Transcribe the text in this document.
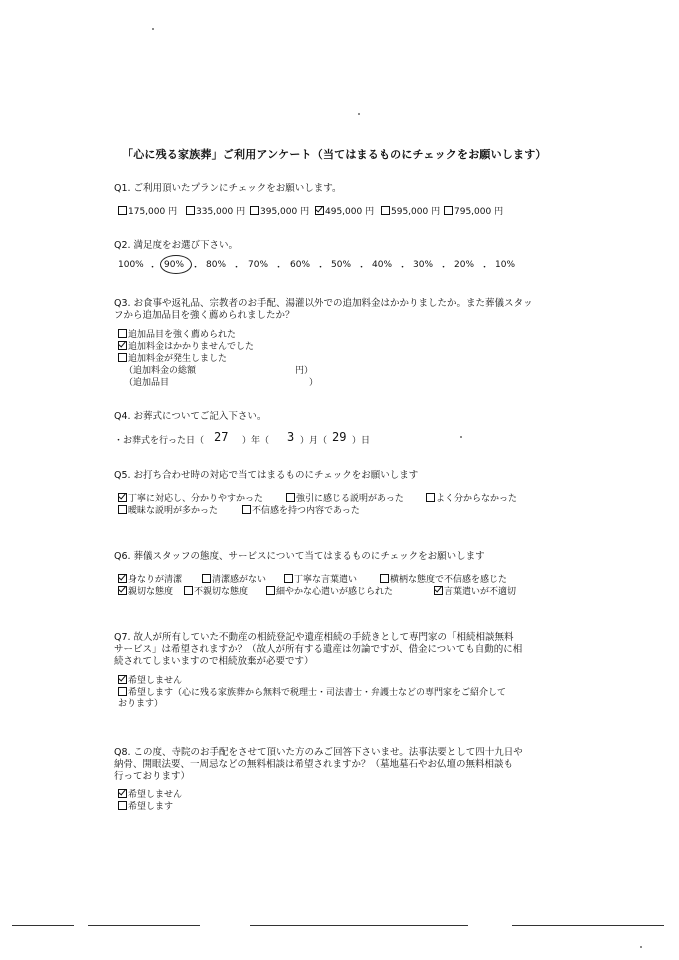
「心に残る家族葬」ご利用アンケート（当てはまるものにチェックをお願いします）
Q1. ご利用頂いたプランにチェックをお願いします。
175,000 円	335,000 円	395,000 円	495,000 円	595,000 円	795,000 円
Q2. 満足度をお選び下さい。
100% ・ 90% ・ 80% ・ 70% ・ 60% ・ 50% ・ 40% ・ 30% ・ 20% ・ 10%
Q3. お食事や返礼品、宗教者のお手配、湯灌以外での追加料金はかかりましたか。また葬儀スタッ
フから追加品目を強く薦められましたか？
追加品目を強く薦められた
追加料金はかかりませんでした
追加料金が発生しました
（追加料金の総額	円）
（追加品目	）
Q4. お葬式についてご記入下さい。
・お葬式を行った日（ 27 ）年（ 3 ）月（ 29 ）日
Q5. お打ち合わせ時の対応で当てはまるものにチェックをお願いします
丁寧に対応し、分かりやすかった	強引に感じる説明があった	よく分からなかった
曖昧な説明が多かった	不信感を持つ内容であった
Q6. 葬儀スタッフの態度、サービスについて当てはまるものにチェックをお願いします
身なりが清潔	清潔感がない	丁寧な言葉遣い	横柄な態度で不信感を感じた
親切な態度	不親切な態度	細やかな心遣いが感じられた	言葉遣いが不適切
Q7. 故人が所有していた不動産の相続登記や遺産相続の手続きとして専門家の「相続相談無料
サービス」は希望されますか？（故人が所有する遺産は勿論ですが、借金についても自動的に相
続されてしまいますので相続放棄が必要です）
希望しません
希望します（心に残る家族葬から無料で税理士・司法書士・弁護士などの専門家をご紹介して
おります）
Q8. この度、寺院のお手配をさせて頂いた方のみご回答下さいませ。法事法要として四十九日や
納骨、開眼法要、一周忌などの無料相談は希望されますか？（墓地墓石やお仏壇の無料相談も
行っております）
希望しません
希望します
